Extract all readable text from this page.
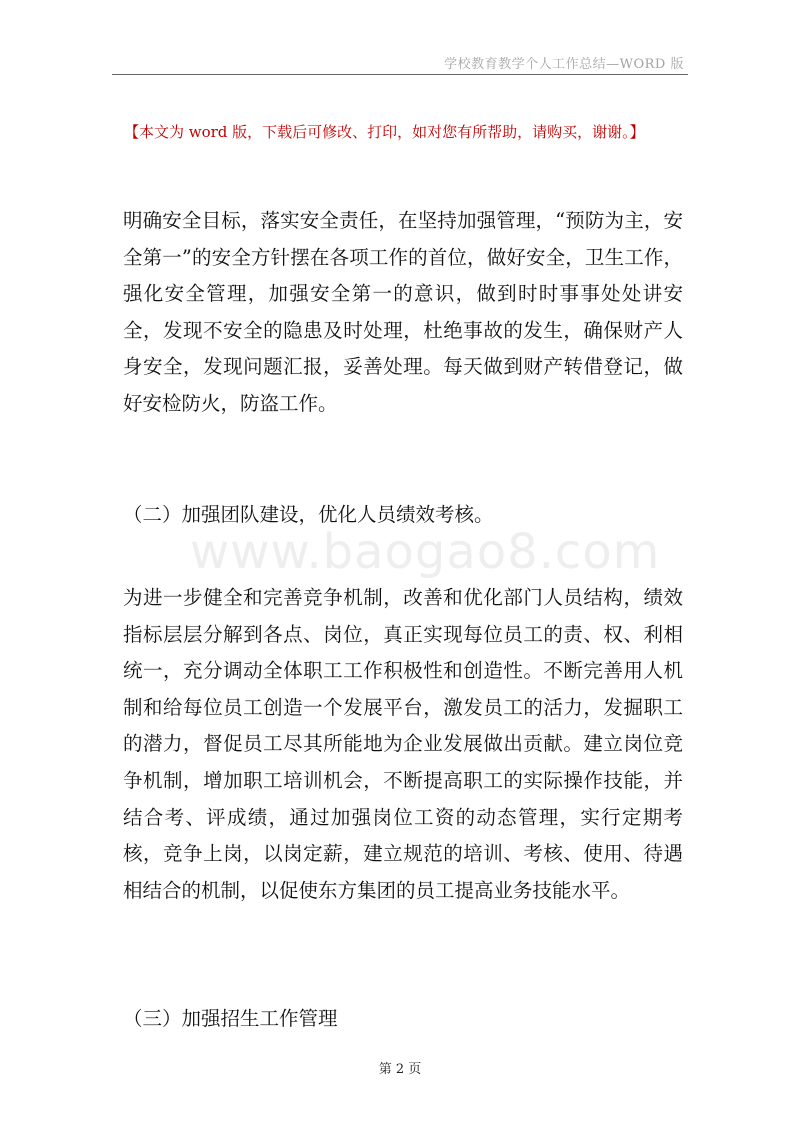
学校教育教学个人工作总结—WORD 版
【本文为 word 版，下载后可修改、打印，如对您有所帮助，请购买，谢谢。】

明确安全目标，落实安全责任，在坚持加强管理，“预防为主，安全第一”的安全方针摆在各项工作的首位，做好安全，卫生工作，强化安全管理，加强安全第一的意识，做到时时事事处处讲安全，发现不安全的隐患及时处理，杜绝事故的发生，确保财产人身安全，发现问题汇报，妥善处理。每天做到财产转借登记，做好安检防火，防盗工作。

（二）加强团队建设，优化人员绩效考核。

www.baogao8.com

为进一步健全和完善竞争机制，改善和优化部门人员结构，绩效指标层层分解到各点、岗位，真正实现每位员工的责、权、利相统一，充分调动全体职工工作积极性和创造性。不断完善用人机制和给每位员工创造一个发展平台，激发员工的活力，发掘职工的潜力，督促员工尽其所能地为企业发展做出贡献。建立岗位竞争机制，增加职工培训机会，不断提高职工的实际操作技能，并结合考、评成绩，通过加强岗位工资的动态管理，实行定期考核，竞争上岗，以岗定薪，建立规范的培训、考核、使用、待遇相结合的机制，以促使东方集团的员工提高业务技能水平。

（三）加强招生工作管理

第 2 页
